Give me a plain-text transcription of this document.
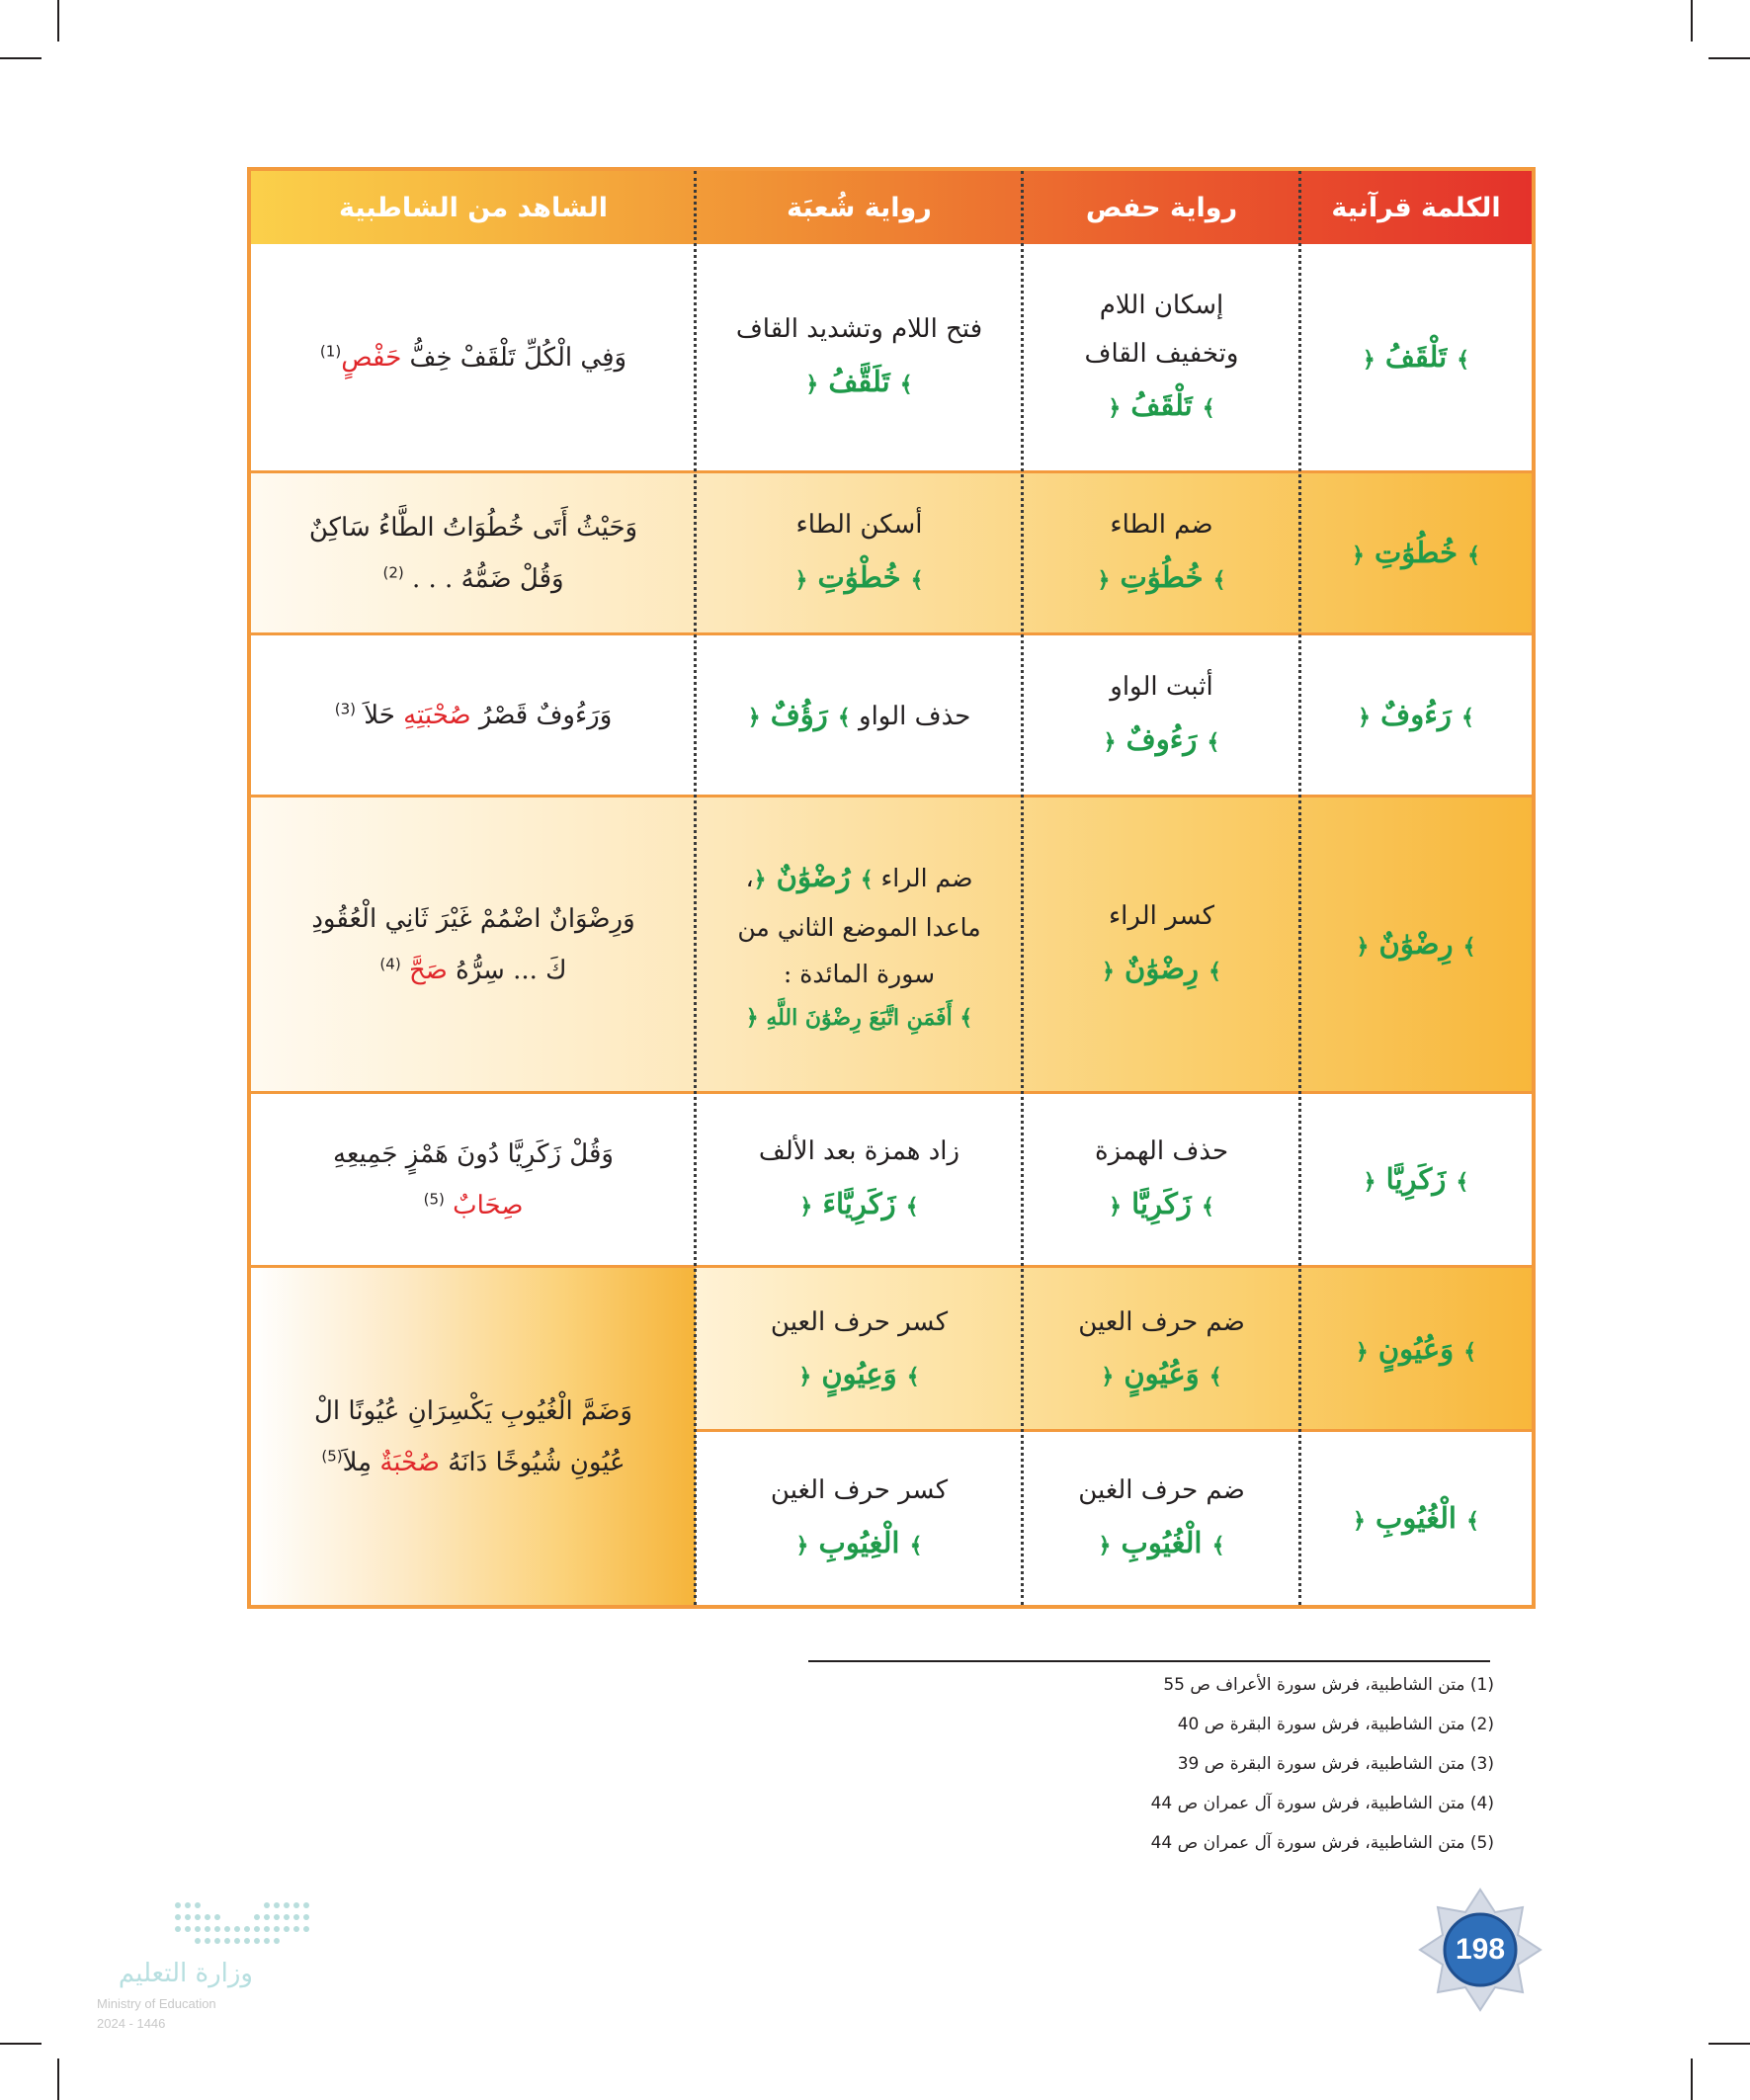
الكلمة قرآنية
رواية حفص
رواية شُعبَة
الشاهد من الشاطبية
﴾ تَلْقَفُ ﴿
إسكان اللام
وتخفيف القاف
﴾ تَلْقَفُ ﴿
فتح اللام وتشديد القاف
﴾ تَلَقَّفُ ﴿
وَفِي الْكُلِّ تَلْقَفْ خِفُّ حَفْصٍ$^{(1)}$
﴾ خُطُوَٰتِ ﴿
ضم الطاء
﴾ خُطُوَٰتِ ﴿
أسكن الطاء
﴾ خُطْوَٰتِ ﴿
وَحَيْثُ أَتَى خُطُوَاتُ الطَّاءُ سَاكِنٌ
وَقُلْ ضَمُّهُ . . . $^{(2)}$
﴾ رَءُوفٌ ﴿
أثبت الواو
﴾ رَءُوفٌ ﴿
حذف الواو ﴾ رَؤُفٌ ﴿
وَرَءُوفٌ قَصْرُ صُحْبَتِهِ حَلاَ $^{(3)}$
﴾ رِضْوَٰنٌ ﴿
كسر الراء
﴾ رِضْوَٰنٌ ﴿
ضم الراء ﴾ رُضْوَٰنٌ ﴿،
ماعدا الموضع الثاني من
سورة المائدة :
﴾ أَفَمَنِ اتَّبَعَ رِضْوَٰنَ اللَّهِ ﴿
وَرِضْوَانٌ اضْمُمْ غَيْرَ ثَانِي الْعُقُودِ
كَ ... سِرُّهُ صَحَّ $^{(4)}$
﴾ زَكَرِيَّا ﴿
حذف الهمزة
﴾ زَكَرِيَّا ﴿
زاد همزة بعد الألف
﴾ زَكَرِيَّاءَ ﴿
وَقُلْ زَكَرِيَّا دُونَ هَمْزٍ جَمِيعِهِ
صِحَابٌ $^{(5)}$
﴾ وَعُيُونٍ ﴿
ضم حرف العين
﴾ وَعُيُونٍ ﴿
كسر حرف العين
﴾ وَعِيُونٍ ﴿
﴾ الْغُيُوبِ ﴿
ضم حرف الغين
﴾ الْغُيُوبِ ﴿
كسر حرف الغين
﴾ الْغِيُوبِ ﴿
وَضَمَّ الْغُيُوبِ يَكْسِرَانِ عُيُونًا الْ
عُيُونِ شُيُوخًا دَانَهُ صُحْبَةٌ مِلاَ$^{(5)}$
(1) متن الشاطبية، فرش سورة الأعراف ص 55
(2) متن الشاطبية، فرش سورة البقرة ص 40
(3) متن الشاطبية، فرش سورة البقرة ص 39
(4) متن الشاطبية، فرش سورة آل عمران ص 44
(5) متن الشاطبية، فرش سورة آل عمران ص 44
198
وزارة التعليم
Ministry of Education
2024 - 1446
